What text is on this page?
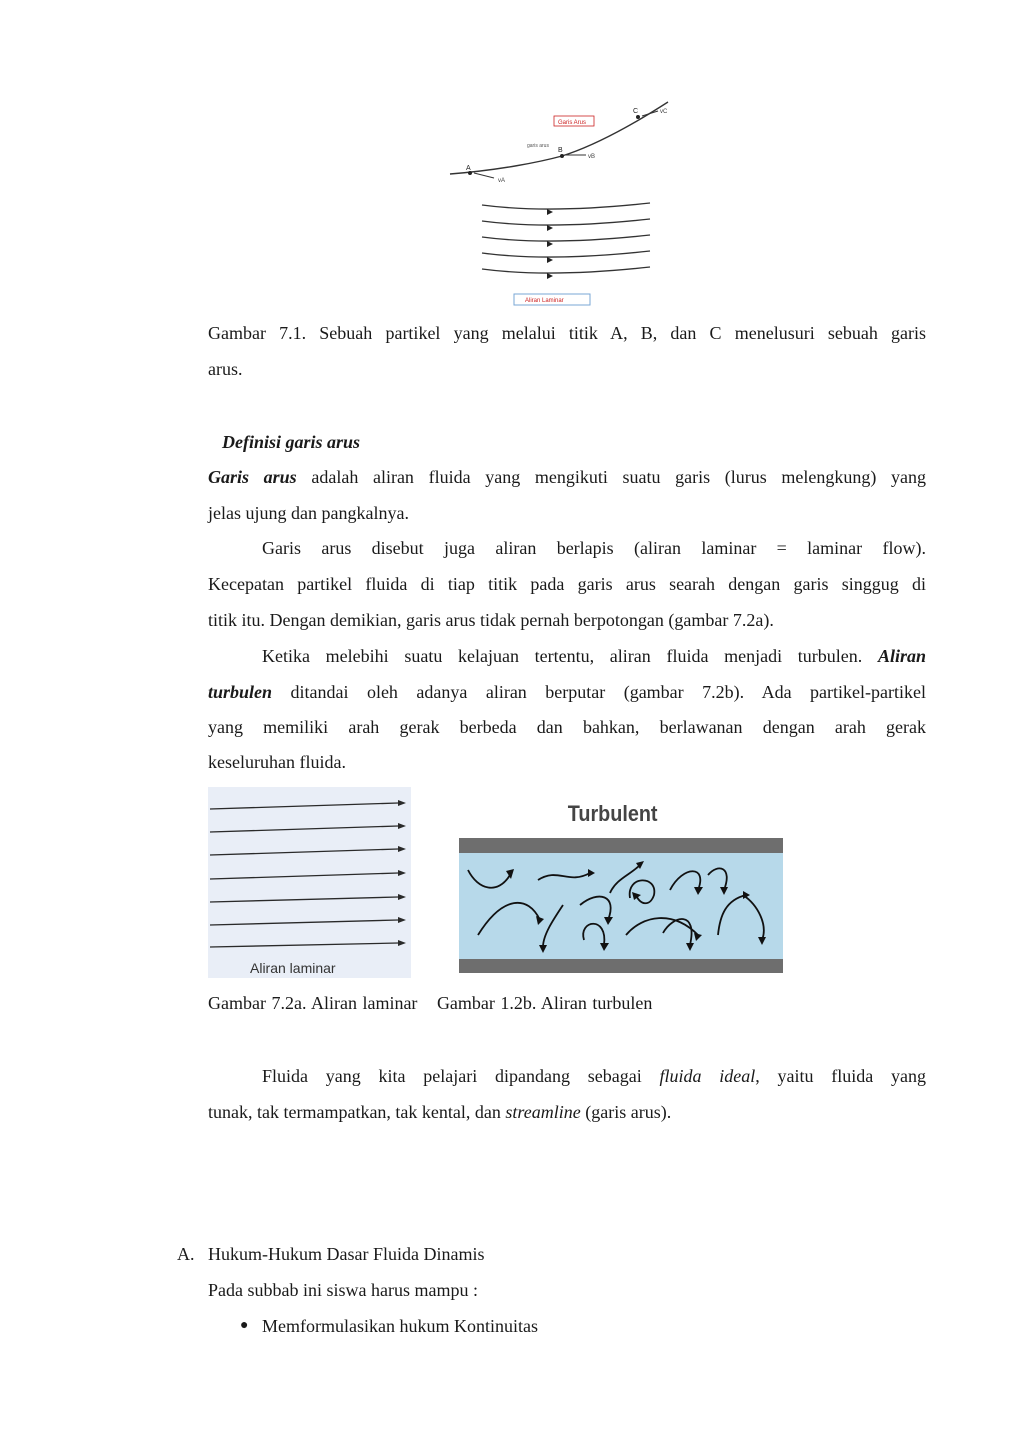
A
B
C
vA
vB
vC
garis arus
Garis Arus
Aliran Laminar
Gambar 7.1. Sebuah partikel yang melalui titik A, B, dan C menelusuri sebuah garis
arus.
Definisi garis arus
Garis arus adalah aliran fluida yang mengikuti suatu garis (lurus melengkung) yang
jelas ujung dan pangkalnya.
Garis arus disebut juga aliran berlapis (aliran laminar = laminar flow).
Kecepatan partikel fluida di tiap titik pada garis arus searah dengan garis singgug di
titik itu. Dengan demikian, garis arus tidak pernah berpotongan (gambar 7.2a).
Ketika melebihi suatu kelajuan tertentu, aliran fluida menjadi turbulen. Aliran
turbulen ditandai oleh adanya aliran berputar (gambar 7.2b). Ada partikel-partikel
yang memiliki arah gerak berbeda dan bahkan, berlawanan dengan arah gerak
keseluruhan fluida.
Aliran laminar
Turbulent
Gambar 7.2a. Aliran laminar Gambar 1.2b. Aliran turbulen
Fluida yang kita pelajari dipandang sebagai fluida ideal, yaitu fluida yang
tunak, tak termampatkan, tak kental, dan streamline (garis arus).
A. Hukum-Hukum Dasar Fluida Dinamis
Pada subbab ini siswa harus mampu :
● Memformulasikan hukum Kontinuitas
